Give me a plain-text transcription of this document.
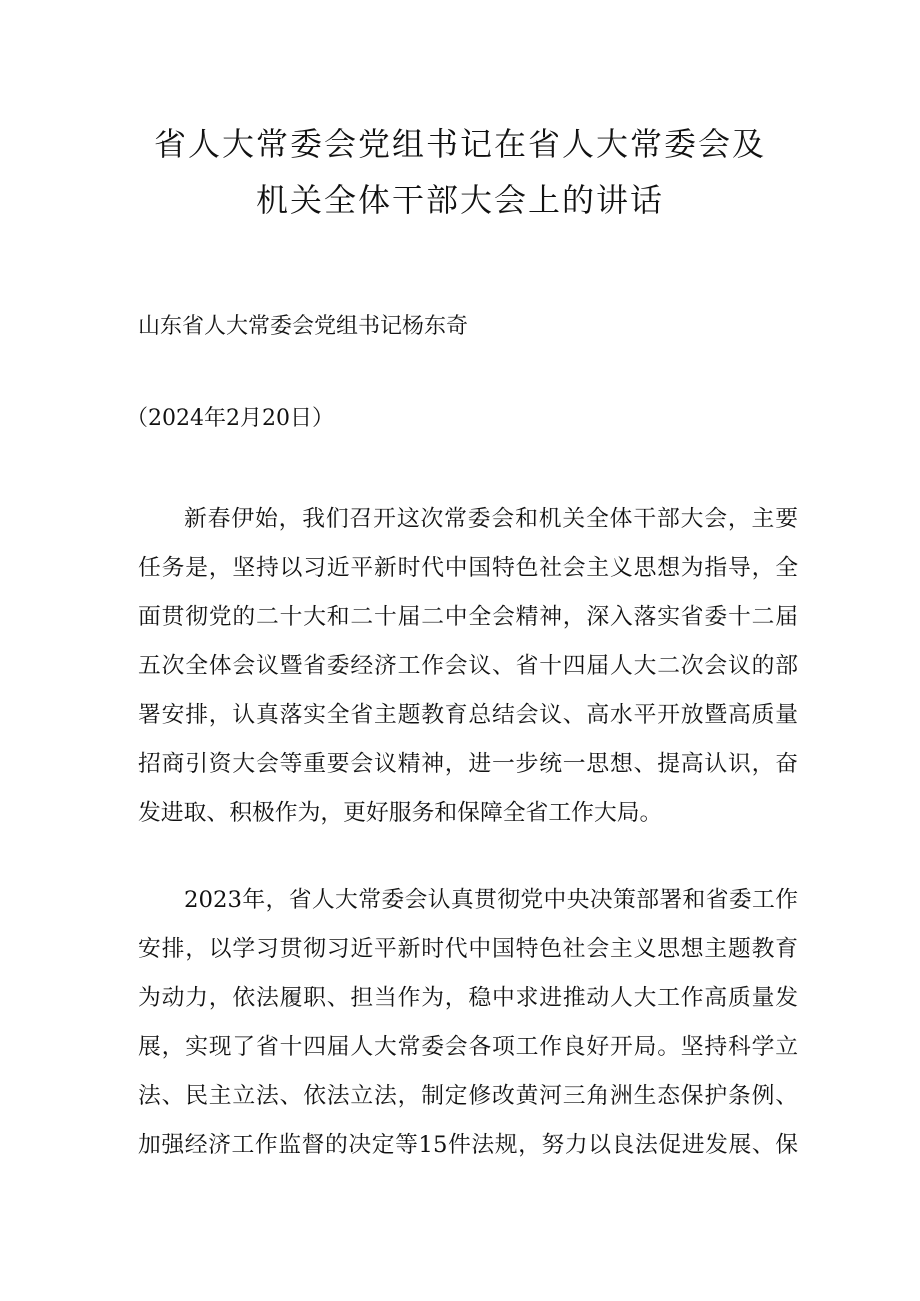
省人大常委会党组书记在省人大常委会及
机关全体干部大会上的讲话
山东省人大常委会党组书记杨东奇
（2024年2月20日）
新春伊始，我们召开这次常委会和机关全体干部大会，主要
任务是，坚持以习近平新时代中国特色社会主义思想为指导，全
面贯彻党的二十大和二十届二中全会精神，深入落实省委十二届
五次全体会议暨省委经济工作会议、省十四届人大二次会议的部
署安排，认真落实全省主题教育总结会议、高水平开放暨高质量
招商引资大会等重要会议精神，进一步统一思想、提高认识，奋
发进取、积极作为，更好服务和保障全省工作大局。
2023年，省人大常委会认真贯彻党中央决策部署和省委工作
安排，以学习贯彻习近平新时代中国特色社会主义思想主题教育
为动力，依法履职、担当作为，稳中求进推动人大工作高质量发
展，实现了省十四届人大常委会各项工作良好开局。坚持科学立
法、民主立法、依法立法，制定修改黄河三角洲生态保护条例、
加强经济工作监督的决定等15件法规，努力以良法促进发展、保
